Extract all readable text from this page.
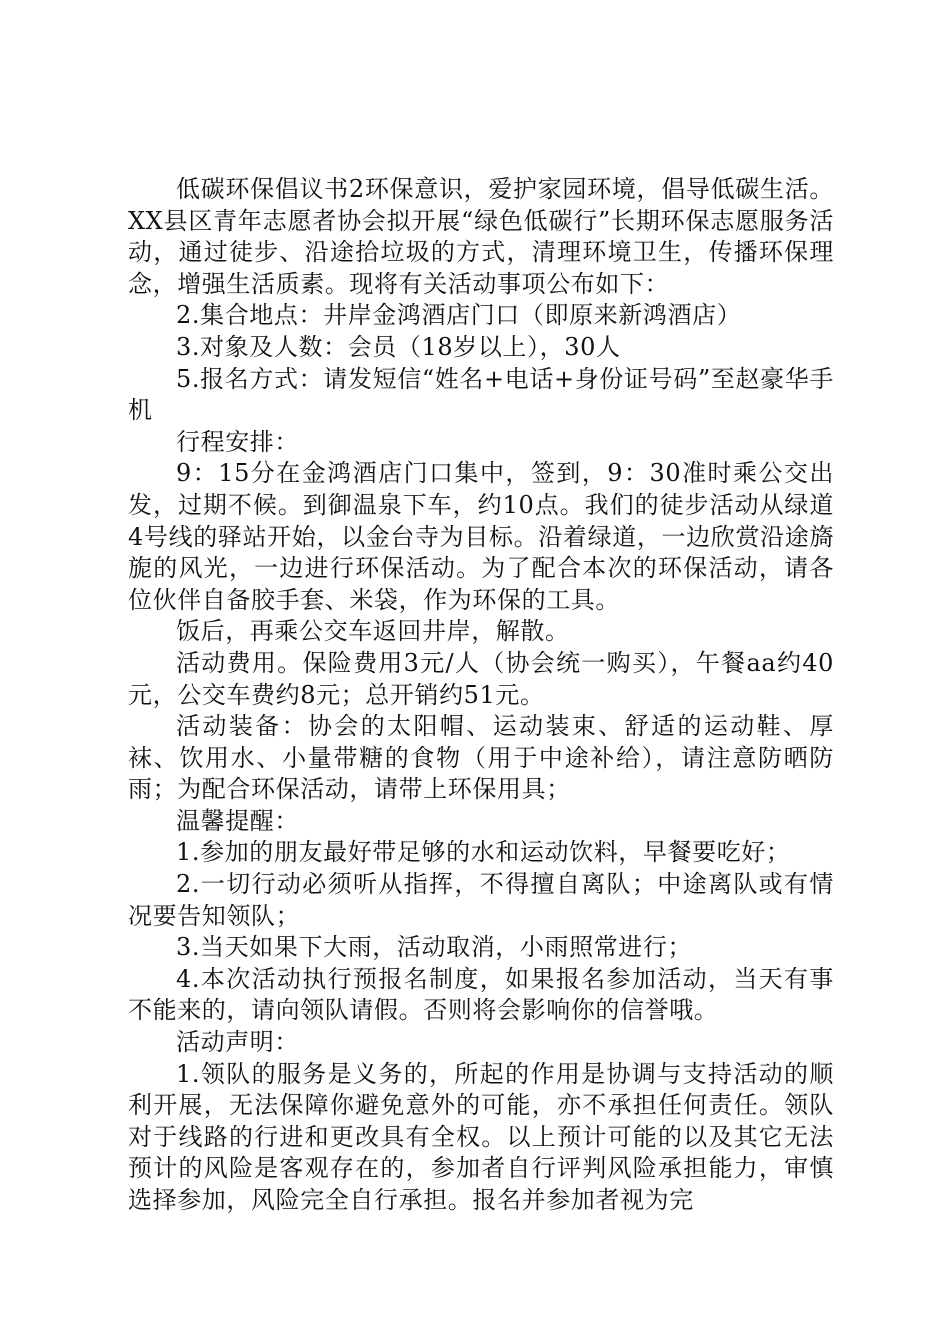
低碳环保倡议书2环保意识，爱护家园环境，倡导低碳生活。XX县区青年志愿者协会拟开展“绿色低碳行”长期环保志愿服务活动，通过徒步、沿途拾垃圾的方式，清理环境卫生，传播环保理念，增强生活质素。现将有关活动事项公布如下：

2.集合地点：井岸金鸿酒店门口（即原来新鸿酒店）

3.对象及人数：会员（18岁以上），30人

5.报名方式：请发短信“姓名+电话+身份证号码”至赵豪华手机

行程安排：

9：15分在金鸿酒店门口集中，签到，9：30准时乘公交出发，过期不候。到御温泉下车，约10点。我们的徒步活动从绿道4号线的驿站开始，以金台寺为目标。沿着绿道，一边欣赏沿途旖旎的风光，一边进行环保活动。为了配合本次的环保活动，请各位伙伴自备胶手套、米袋，作为环保的工具。

饭后，再乘公交车返回井岸，解散。

活动费用。保险费用3元/人（协会统一购买），午餐aa约40元，公交车费约8元；总开销约51元。

活动装备：协会的太阳帽、运动装束、舒适的运动鞋、厚袜、饮用水、小量带糖的食物（用于中途补给），请注意防晒防雨；为配合环保活动，请带上环保用具；

温馨提醒：

1.参加的朋友最好带足够的水和运动饮料，早餐要吃好；

2.一切行动必须听从指挥，不得擅自离队；中途离队或有情况要告知领队；

3.当天如果下大雨，活动取消，小雨照常进行；

4.本次活动执行预报名制度，如果报名参加活动，当天有事不能来的，请向领队请假。否则将会影响你的信誉哦。

活动声明：

1.领队的服务是义务的，所起的作用是协调与支持活动的顺利开展，无法保障你避免意外的可能，亦不承担任何责任。领队对于线路的行进和更改具有全权。以上预计可能的以及其它无法预计的风险是客观存在的，参加者自行评判风险承担能力，审慎选择参加，风险完全自行承担。报名并参加者视为完
